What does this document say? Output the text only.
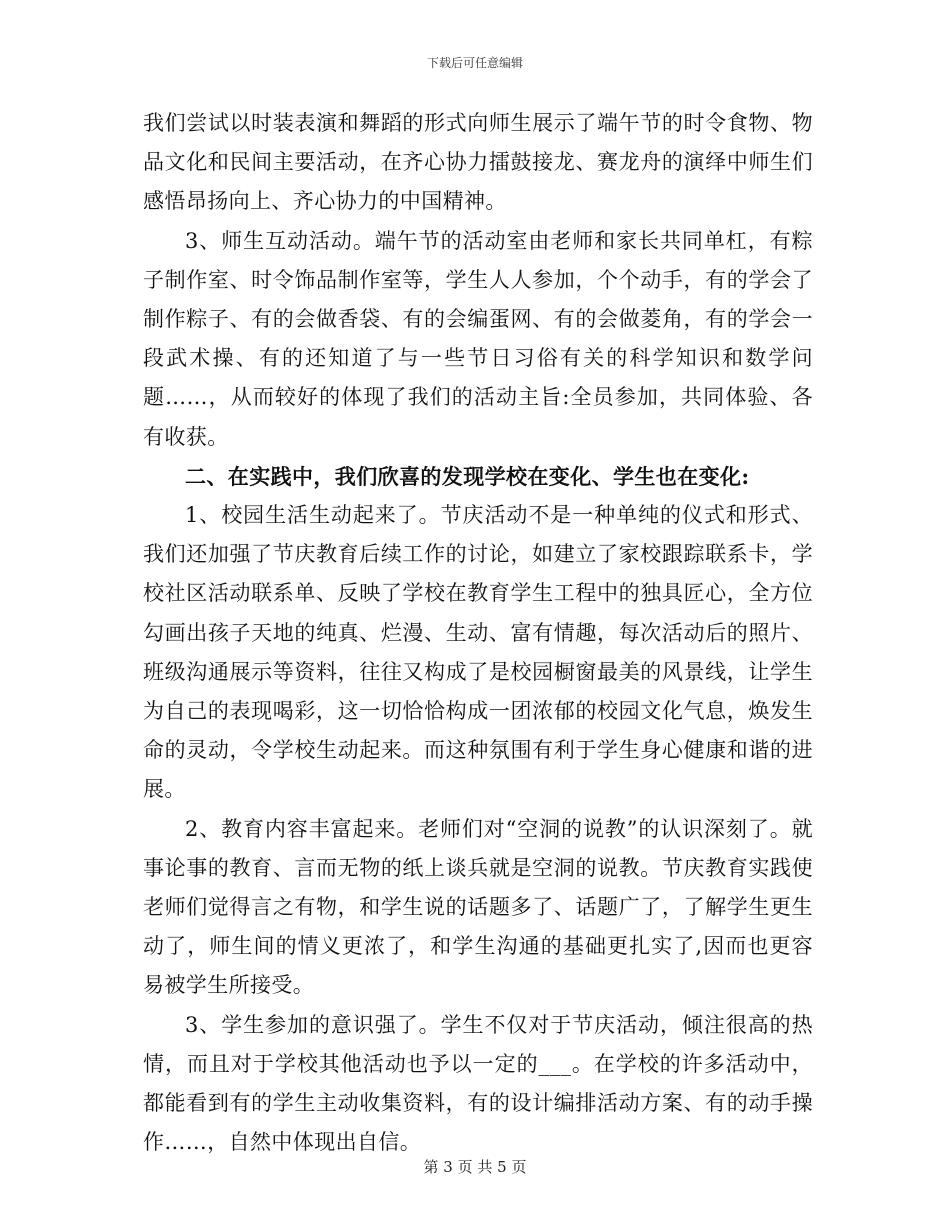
下载后可任意编辑

我们尝试以时装表演和舞蹈的形式向师生展示了端午节的时令食物、物品文化和民间主要活动，在齐心协力擂鼓接龙、赛龙舟的演绎中师生们感悟昂扬向上、齐心协力的中国精神。

3、师生互动活动。端午节的活动室由老师和家长共同单杠，有粽子制作室、时令饰品制作室等，学生人人参加，个个动手，有的学会了制作粽子、有的会做香袋、有的会编蛋网、有的会做菱角，有的学会一段武术操、有的还知道了与一些节日习俗有关的科学知识和数学问题……，从而较好的体现了我们的活动主旨:全员参加，共同体验、各有收获。

二、在实践中，我们欣喜的发现学校在变化、学生也在变化:

1、校园生活生动起来了。节庆活动不是一种单纯的仪式和形式、我们还加强了节庆教育后续工作的讨论，如建立了家校跟踪联系卡，学校社区活动联系单、反映了学校在教育学生工程中的独具匠心，全方位勾画出孩子天地的纯真、烂漫、生动、富有情趣，每次活动后的照片、班级沟通展示等资料，往往又构成了是校园橱窗最美的风景线，让学生为自己的表现喝彩，这一切恰恰构成一团浓郁的校园文化气息，焕发生命的灵动，令学校生动起来。而这种氛围有利于学生身心健康和谐的进展。

2、教育内容丰富起来。老师们对“空洞的说教”的认识深刻了。就事论事的教育、言而无物的纸上谈兵就是空洞的说教。节庆教育实践使老师们觉得言之有物，和学生说的话题多了、话题广了，了解学生更生动了，师生间的情义更浓了，和学生沟通的基础更扎实了,因而也更容易被学生所接受。

3、学生参加的意识强了。学生不仅对于节庆活动，倾注很高的热情，而且对于学校其他活动也予以一定的___。在学校的许多活动中，都能看到有的学生主动收集资料，有的设计编排活动方案、有的动手操作……，自然中体现出自信。

第 3 页 共 5 页
